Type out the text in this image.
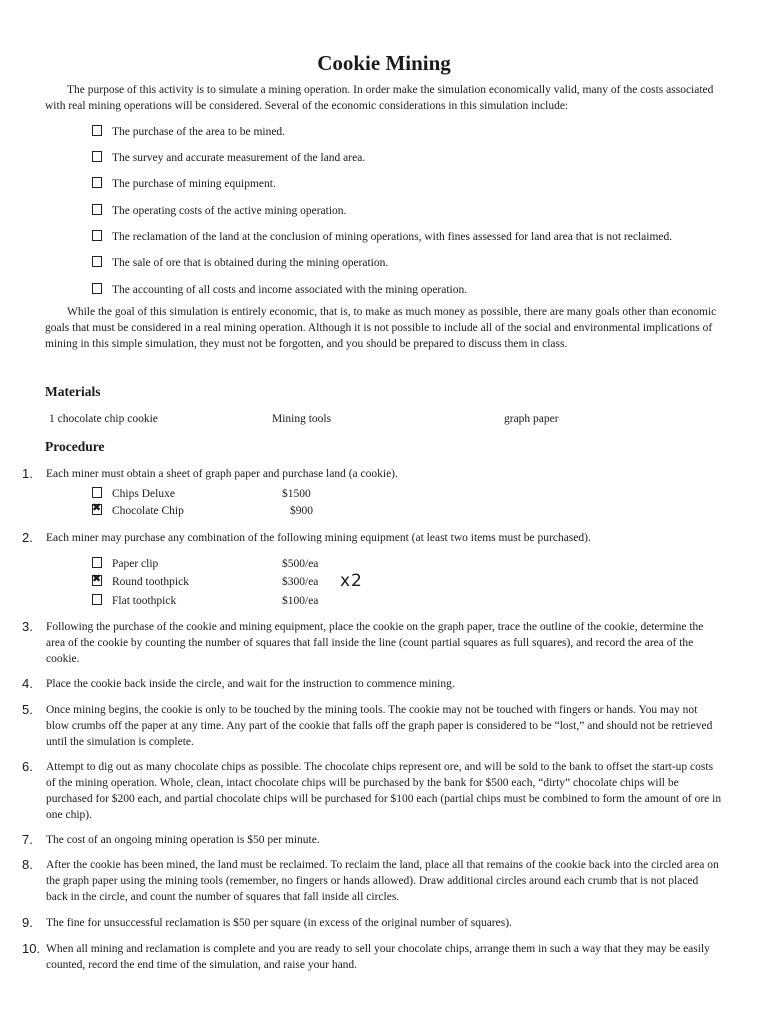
Cookie Mining
The purpose of this activity is to simulate a mining operation. In order make the simulation economically valid, many of the costs associated with real mining operations will be considered. Several of the economic considerations in this simulation include:
The purchase of the area to be mined.
The survey and accurate measurement of the land area.
The purchase of mining equipment.
The operating costs of the active mining operation.
The reclamation of the land at the conclusion of mining operations, with fines assessed for land area that is not reclaimed.
The sale of ore that is obtained during the mining operation.
The accounting of all costs and income associated with the mining operation.
While the goal of this simulation is entirely economic, that is, to make as much money as possible, there are many goals other than economic goals that must be considered in a real mining operation. Although it is not possible to include all of the social and environmental implications of mining in this simple simulation, they must not be forgotten, and you should be prepared to discuss them in class.
Materials
1 chocolate chip cookie	Mining tools	graph paper
Procedure
1. Each miner must obtain a sheet of graph paper and purchase land (a cookie).
Chips Deluxe	$1500
✖Chocolate Chip	$900
2. Each miner may purchase any combination of the following mining equipment (at least two items must be purchased).
Paper clip	$500/ea
✖Round toothpick	$300/ea x2
Flat toothpick	$100/ea
3. Following the purchase of the cookie and mining equipment, place the cookie on the graph paper, trace the outline of the cookie, determine the area of the cookie by counting the number of squares that fall inside the line (count partial squares as full squares), and record the area of the cookie.
4. Place the cookie back inside the circle, and wait for the instruction to commence mining.
5. Once mining begins, the cookie is only to be touched by the mining tools. The cookie may not be touched with fingers or hands. You may not blow crumbs off the paper at any time. Any part of the cookie that falls off the graph paper is considered to be “lost,” and should not be retrieved until the simulation is complete.
6. Attempt to dig out as many chocolate chips as possible. The chocolate chips represent ore, and will be sold to the bank to offset the start-up costs of the mining operation. Whole, clean, intact chocolate chips will be purchased by the bank for $500 each, “dirty” chocolate chips will be purchased for $200 each, and partial chocolate chips will be purchased for $100 each (partial chips must be combined to form the amount of ore in one chip).
7. The cost of an ongoing mining operation is $50 per minute.
8. After the cookie has been mined, the land must be reclaimed. To reclaim the land, place all that remains of the cookie back into the circled area on the graph paper using the mining tools (remember, no fingers or hands allowed). Draw additional circles around each crumb that is not placed back in the circle, and count the number of squares that fall inside all circles.
9. The fine for unsuccessful reclamation is $50 per square (in excess of the original number of squares).
10. When all mining and reclamation is complete and you are ready to sell your chocolate chips, arrange them in such a way that they may be easily counted, record the end time of the simulation, and raise your hand.
